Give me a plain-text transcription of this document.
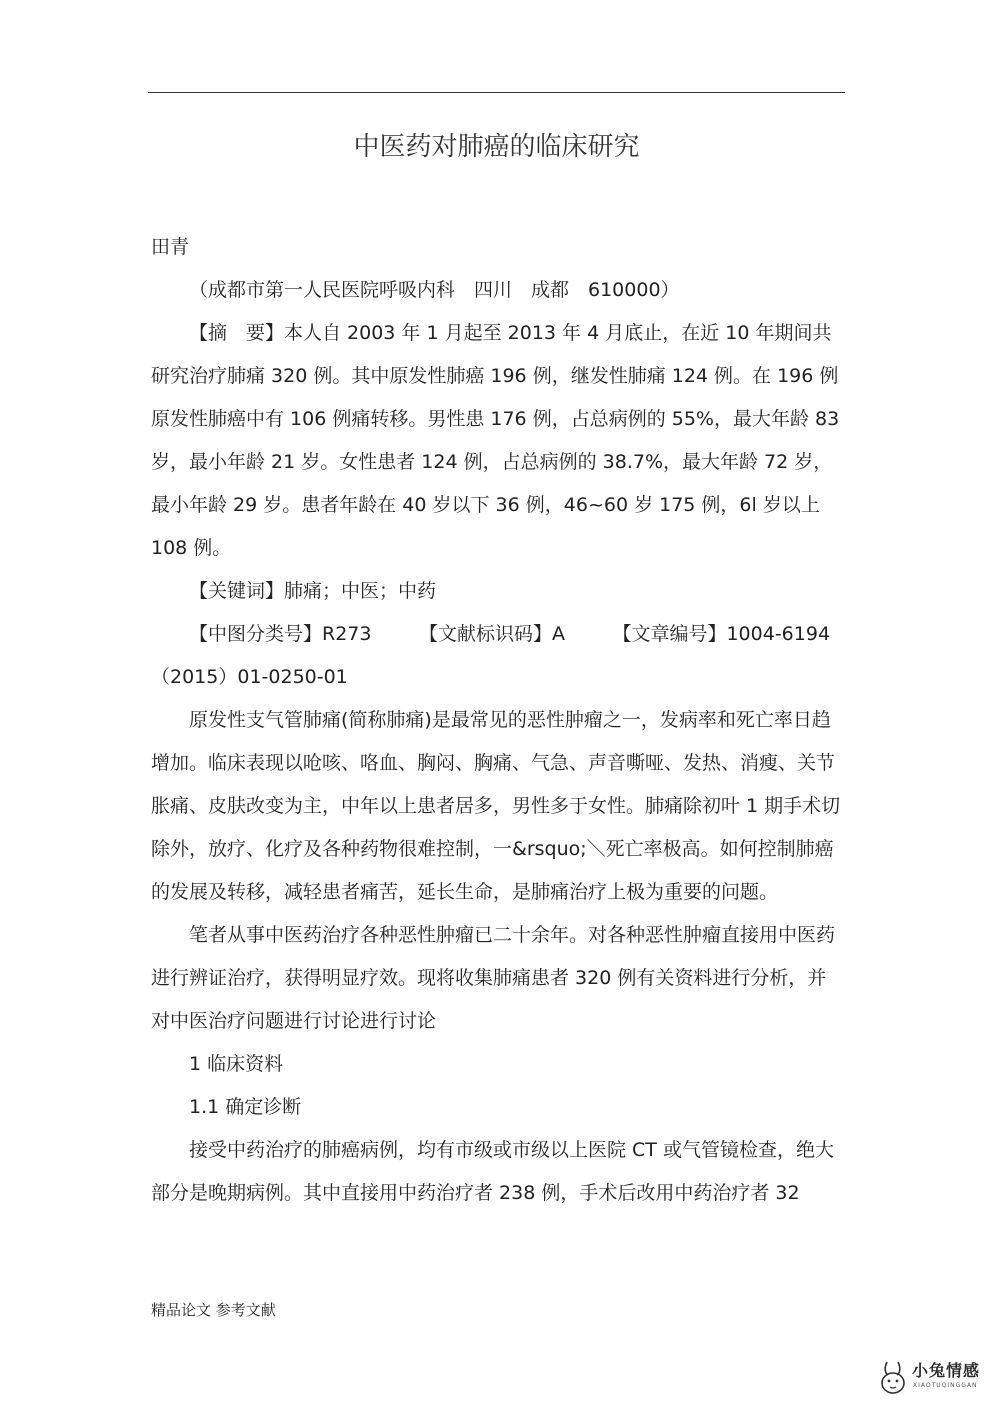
中医药对肺癌的临床研究

田青

（成都市第一人民医院呼吸内科　四川　成都　610000）

【摘　要】本人自 2003 年 1 月起至 2013 年 4 月底止，在近 10 年期间共研究治疗肺痛 320 例。其中原发性肺癌 196 例，继发性肺痛 124 例。在 196 例原发性肺癌中有 106 例痛转移。男性患 176 例，占总病例的 55%，最大年龄 83 岁，最小年龄 21 岁。女性患者 124 例，占总病例的 38.7%，最大年龄 72 岁，最小年龄 29 岁。患者年龄在 40 岁以下 36 例，46~60 岁 175 例，6l 岁以上 108 例。

【关键词】肺痛；中医；中药

【中图分类号】R273　　　【文献标识码】A　　　【文章编号】1004-6194（2015）01-0250-01

原发性支气管肺痛(简称肺痛)是最常见的恶性肿瘤之一，发病率和死亡率日趋增加。临床表现以呛咳、咯血、胸闷、胸痛、气急、声音嘶哑、发热、消瘦、关节胀痛、皮肤改变为主，中年以上患者居多，男性多于女性。肺痛除初叶 1 期手术切除外，放疗、化疗及各种药物很难控制，一&rsquo;＼死亡率极高。如何控制肺癌的发展及转移，减轻患者痛苦，延长生命，是肺痛治疗上极为重要的问题。

笔者从事中医药治疗各种恶性肿瘤已二十余年。对各种恶性肿瘤直接用中医药进行辨证治疗，获得明显疗效。现将收集肺痛患者 320 例有关资料进行分析，并对中医治疗问题进行讨论进行讨论

1 临床资料

1.1 确定诊断

接受中药治疗的肺癌病例，均有市级或市级以上医院 CT 或气管镜检查，绝大部分是晚期病例。其中直接用中药治疗者 238 例，手术后改用中药治疗者 32

精品论文 参考文献
小兔情感
XIAOTUQINGGAN
